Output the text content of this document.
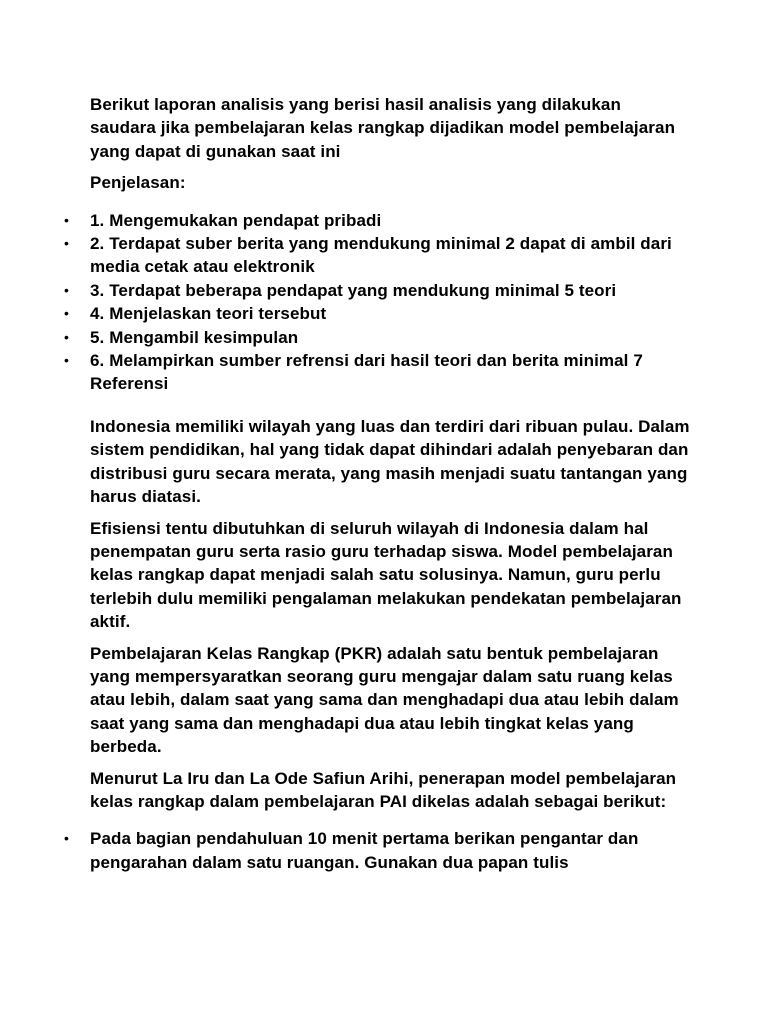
Berikut laporan analisis yang berisi hasil analisis yang dilakukan saudara jika pembelajaran kelas rangkap dijadikan model pembelajaran yang dapat di gunakan saat ini

Penjelasan:

• 1. Mengemukakan pendapat pribadi
• 2. Terdapat suber berita yang mendukung minimal 2 dapat di ambil dari media cetak atau elektronik
• 3. Terdapat beberapa pendapat yang mendukung minimal 5 teori
• 4. Menjelaskan teori tersebut
• 5. Mengambil kesimpulan
• 6. Melampirkan sumber refrensi dari hasil teori dan berita minimal 7 Referensi

Indonesia memiliki wilayah yang luas dan terdiri dari ribuan pulau. Dalam sistem pendidikan, hal yang tidak dapat dihindari adalah penyebaran dan distribusi guru secara merata, yang masih menjadi suatu tantangan yang harus diatasi.

Efisiensi tentu dibutuhkan di seluruh wilayah di Indonesia dalam hal penempatan guru serta rasio guru terhadap siswa. Model pembelajaran kelas rangkap dapat menjadi salah satu solusinya. Namun, guru perlu terlebih dulu memiliki pengalaman melakukan pendekatan pembelajaran aktif.

Pembelajaran Kelas Rangkap (PKR) adalah satu bentuk pembelajaran yang mempersyaratkan seorang guru mengajar dalam satu ruang kelas atau lebih, dalam saat yang sama dan menghadapi dua atau lebih dalam saat yang sama dan menghadapi dua atau lebih tingkat kelas yang berbeda.

Menurut La Iru dan La Ode Safiun Arihi, penerapan model pembelajaran kelas rangkap dalam pembelajaran PAI dikelas adalah sebagai berikut:

• Pada bagian pendahuluan 10 menit pertama berikan pengantar dan pengarahan dalam satu ruangan. Gunakan dua papan tulis
